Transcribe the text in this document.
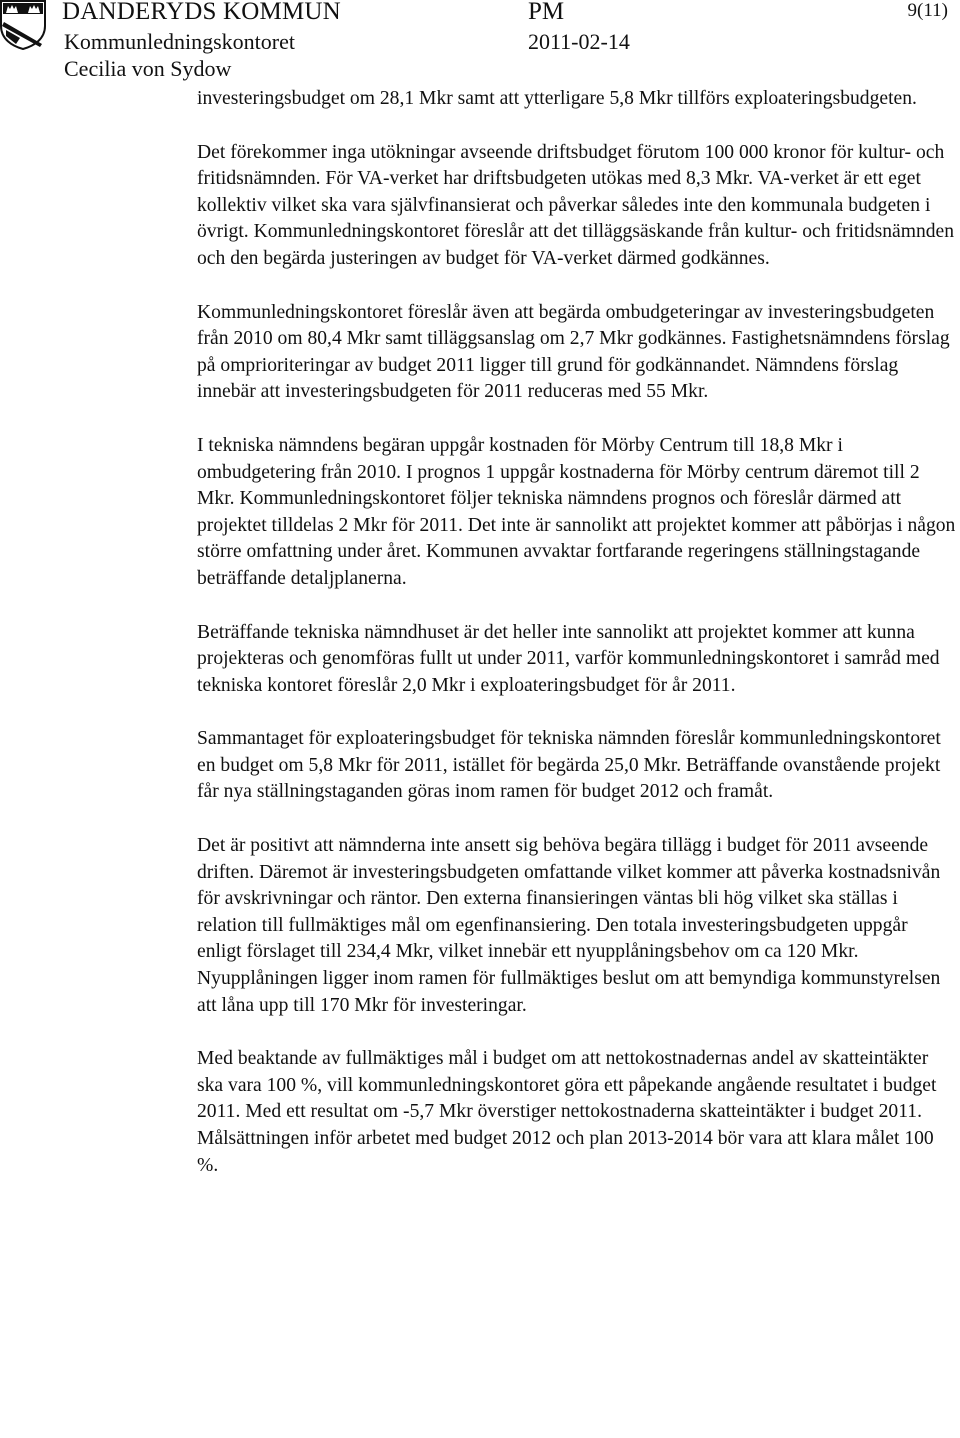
DANDERYDS KOMMUN	PM	9(11)
Kommunledningskontoret	2011-02-14
Cecilia von Sydow

investeringsbudget om 28,1 Mkr samt att ytterligare 5,8 Mkr tillförs exploateringsbudgeten.

Det förekommer inga utökningar avseende driftsbudget förutom 100 000 kronor för kultur- och fritidsnämnden. För VA-verket har driftsbudgeten utökas med 8,3 Mkr. VA-verket är ett eget kollektiv vilket ska vara självfinansierat och påverkar således inte den kommunala budgeten i övrigt. Kommunledningskontoret föreslår att det tilläggsäskande från kultur- och fritidsnämnden och den begärda justeringen av budget för VA-verket därmed godkännes.

Kommunledningskontoret föreslår även att begärda ombudgeteringar av investeringsbudgeten från 2010 om 80,4 Mkr samt tilläggsanslag om 2,7 Mkr godkännes. Fastighetsnämndens förslag på omprioriteringar av budget 2011 ligger till grund för godkännandet. Nämndens förslag innebär att investeringsbudgeten för 2011 reduceras med 55 Mkr.

I tekniska nämndens begäran uppgår kostnaden för Mörby Centrum till 18,8 Mkr i ombudgetering från 2010. I prognos 1 uppgår kostnaderna för Mörby centrum däremot till 2 Mkr. Kommunledningskontoret följer tekniska nämndens prognos och föreslår därmed att projektet tilldelas 2 Mkr för 2011. Det inte är sannolikt att projektet kommer att påbörjas i någon större omfattning under året. Kommunen avvaktar fortfarande regeringens ställningstagande beträffande detaljplanerna.

Beträffande tekniska nämndhuset är det heller inte sannolikt att projektet kommer att kunna projekteras och genomföras fullt ut under 2011, varför kommunledningskontoret i samråd med tekniska kontoret föreslår 2,0 Mkr i exploateringsbudget för år 2011.

Sammantaget för exploateringsbudget för tekniska nämnden föreslår kommunledningskontoret en budget om 5,8 Mkr för 2011, istället för begärda 25,0 Mkr. Beträffande ovanstående projekt får nya ställningstaganden göras inom ramen för budget 2012 och framåt.

Det är positivt att nämnderna inte ansett sig behöva begära tillägg i budget för 2011 avseende driften. Däremot är investeringsbudgeten omfattande vilket kommer att påverka kostnadsnivån för avskrivningar och räntor. Den externa finansieringen väntas bli hög vilket ska ställas i relation till fullmäktiges mål om egenfinansiering. Den totala investeringsbudgeten uppgår enligt förslaget till 234,4 Mkr, vilket innebär ett nyupplåningsbehov om ca 120 Mkr. Nyupplåningen ligger inom ramen för fullmäktiges beslut om att bemyndiga kommunstyrelsen att låna upp till 170 Mkr för investeringar.

Med beaktande av fullmäktiges mål i budget om att nettokostnadernas andel av skatteintäkter ska vara 100 %, vill kommunledningskontoret göra ett påpekande angående resultatet i budget 2011. Med ett resultat om -5,7 Mkr överstiger nettokostnaderna skatteintäkter i budget 2011. Målsättningen inför arbetet med budget 2012 och plan 2013-2014 bör vara att klara målet 100 %.
